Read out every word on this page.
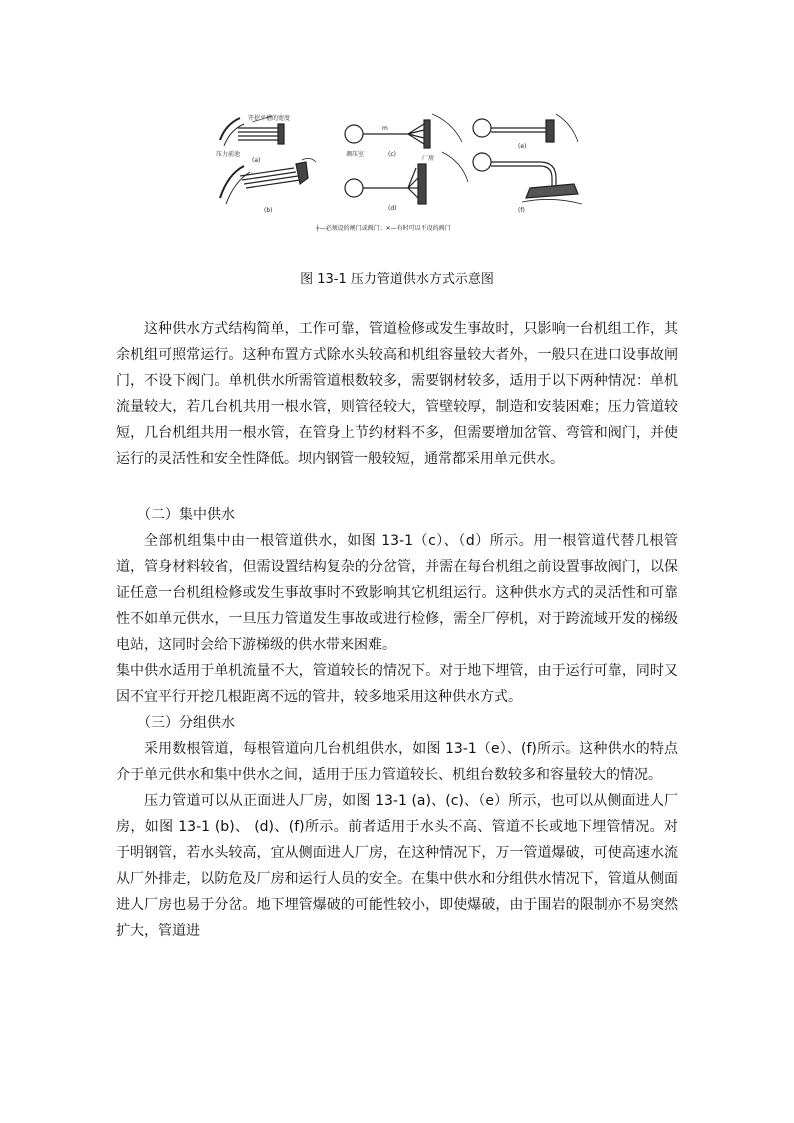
压力前池
开挖平槽的宽度
调压室
厂房
m
(a)
(b)
(c)
(d)
(e)
(f)
┼—必须设的闸门或阀门；✕—有时可以不设的阀门
图 13-1 压力管道供水方式示意图

这种供水方式结构简单，工作可靠，管道检修或发生事故时，只影响一台机组工作，其余机组可照常运行。这种布置方式除水头较高和机组容量较大者外，一般只在进口设事故闸门，不设下阀门。单机供水所需管道根数较多，需要钢材较多，适用于以下两种情况：单机流量较大，若几台机共用一根水管，则管径较大，管壁较厚，制造和安装困难；压力管道较短，几台机组共用一根水管，在管身上节约材料不多，但需要增加岔管、弯管和阀门，并使运行的灵活性和安全性降低。坝内钢管一般较短，通常都采用单元供水。

（二）集中供水

全部机组集中由一根管道供水，如图 13-1（c）、（d）所示。用一根管道代替几根管道，管身材料较省，但需设置结构复杂的分岔管，并需在每台机组之前设置事故阀门，以保证任意一台机组检修或发生事故事时不致影响其它机组运行。这种供水方式的灵活性和可靠性不如单元供水，一旦压力管道发生事故或进行检修，需全厂停机，对于跨流域开发的梯级电站，这同时会给下游梯级的供水带来困难。

集中供水适用于单机流量不大，管道较长的情况下。对于地下埋管，由于运行可靠，同时又因不宜平行开挖几根距离不远的管井，较多地采用这种供水方式。

（三）分组供水

采用数根管道，每根管道向几台机组供水，如图 13-1（e）、(f)所示。这种供水的特点介于单元供水和集中供水之间，适用于压力管道较长、机组台数较多和容量较大的情况。

压力管道可以从正面进人厂房，如图 13-1 (a)、(c)、（e）所示，也可以从侧面进人厂房，如图 13-1 (b)、 (d)、(f)所示。前者适用于水头不高、管道不长或地下埋管情况。对于明钢管，若水头较高，宜从侧面进人厂房，在这种情况下，万一管道爆破，可使高速水流从厂外排走，以防危及厂房和运行人员的安全。在集中供水和分组供水情况下，管道从侧面进人厂房也易于分岔。地下埋管爆破的可能性较小，即使爆破，由于围岩的限制亦不易突然扩大，管道进
